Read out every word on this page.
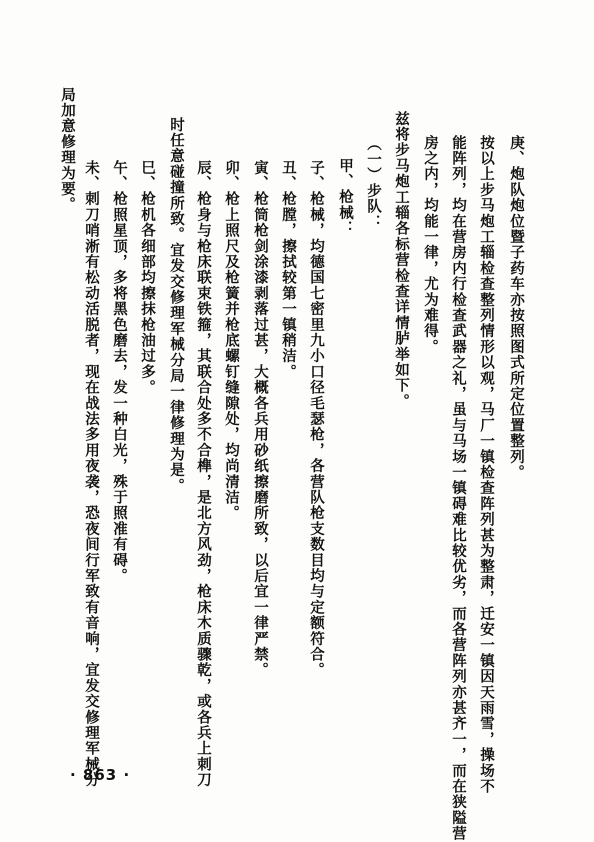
庚、炮队炮位暨子药车亦按照图式所定位置整列。
按以上步马炮工辎检查整列情形以观，马厂一镇检查阵列甚为整肃，迁安一镇因天雨雪，操场不
能阵列，均在营房内行检查武器之礼，虽与马场一镇碍难比较优劣，而各营阵列亦甚齐一，而在狭隘营
房之内，均能一律，尤为难得。
兹将步马炮工辎各标营检查详情胪举如下。
（一）步队：
甲、枪械：
子、枪械，均德国七密里九小口径毛瑟枪，各营队枪支数目均与定额符合。
丑、枪膛，擦拭较第一镇稍洁。
寅、枪筒枪剑涂漆剥落过甚，大概各兵用砂纸擦磨所致，以后宜一律严禁。
卯、枪上照尺及枪簧并枪底螺钉缝隙处，均尚清洁。
辰、枪身与枪床联束铁箍，其联合处多不合榫，是北方风劲，枪床木质骤乾，或各兵上刺刀
时任意碰撞所致。宜发交修理军械分局一律修理为是。
巳、枪机各细部均擦抹枪油过多。
午、枪照星顶，多将黑色磨去，发一种白光，殊于照准有碍。
未、刺刀哨淅有松动活脱者，现在战法多用夜袭，恐夜间行军致有音响，宜发交修理军械分
局加意修理为要。
· 863 ·
